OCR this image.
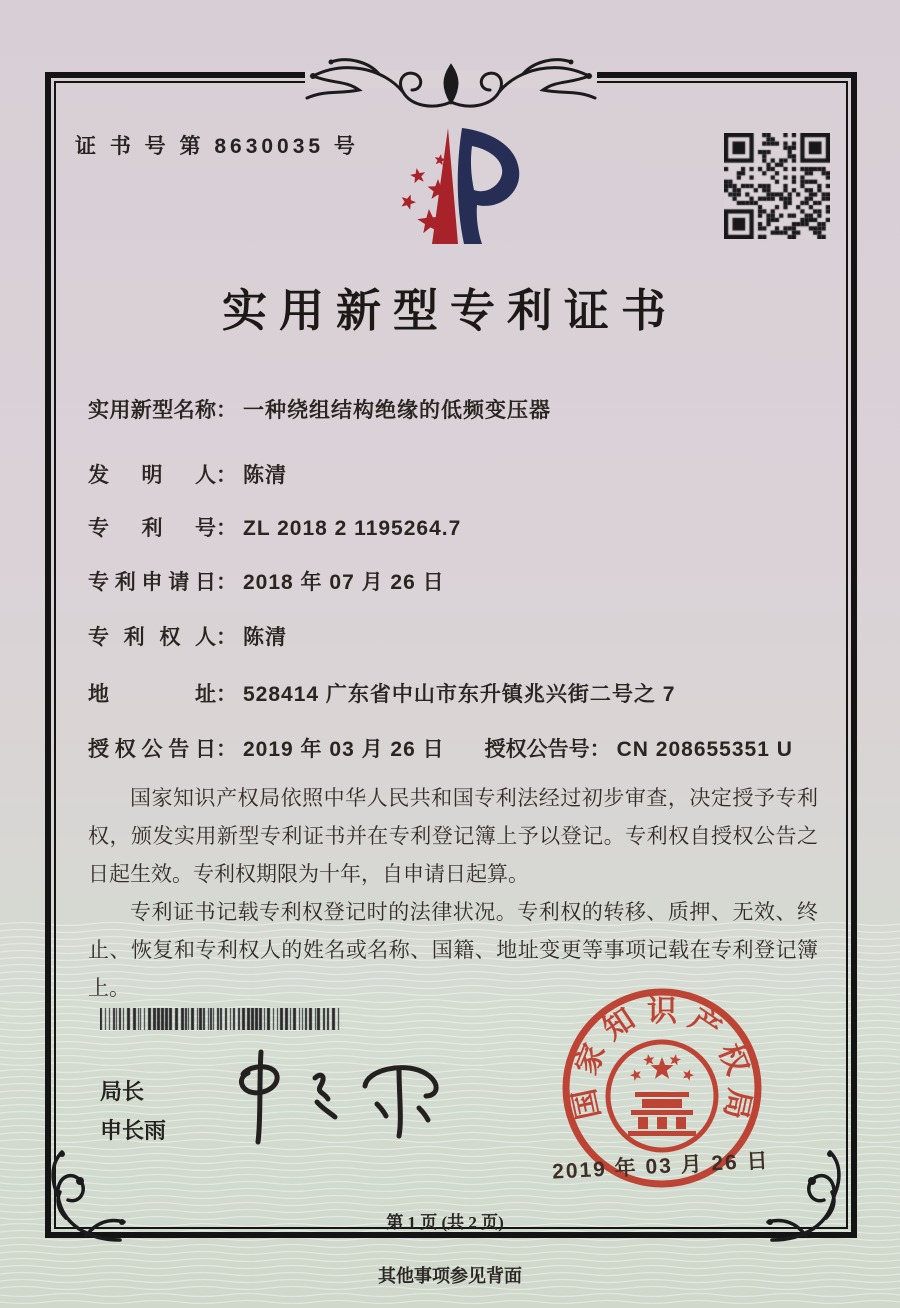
证 书 号 第 8630035 号
实用新型专利证书
实用新型名称 ： 一种绕组结构绝缘的低频变压器
发明人 ： 陈清
专利号 ： ZL 2018 2 1195264.7
专利申请日 ： 2018 年 07 月 26 日
专利权人 ： 陈清
地址 ： 528414 广东省中山市东升镇兆兴街二号之 7
授权公告日 ： 2019 年 03 月 26 日 授权公告号 ： CN 208655351 U

国家知识产权局依照中华人民共和国专利法经过初步审查，决定授予专利权，颁发实用新型专利证书并在专利登记簿上予以登记。专利权自授权公告之日起生效。专利权期限为十年，自申请日起算。

专利证书记载专利权登记时的法律状况。专利权的转移、质押、无效、终止、恢复和专利权人的姓名或名称、国籍、地址变更等事项记载在专利登记簿上。

局长
申长雨
国
家
知 识 产
权
局
2019 年 03 月 26 日
第 1 页 (共 2 页)
其他事项参见背面
